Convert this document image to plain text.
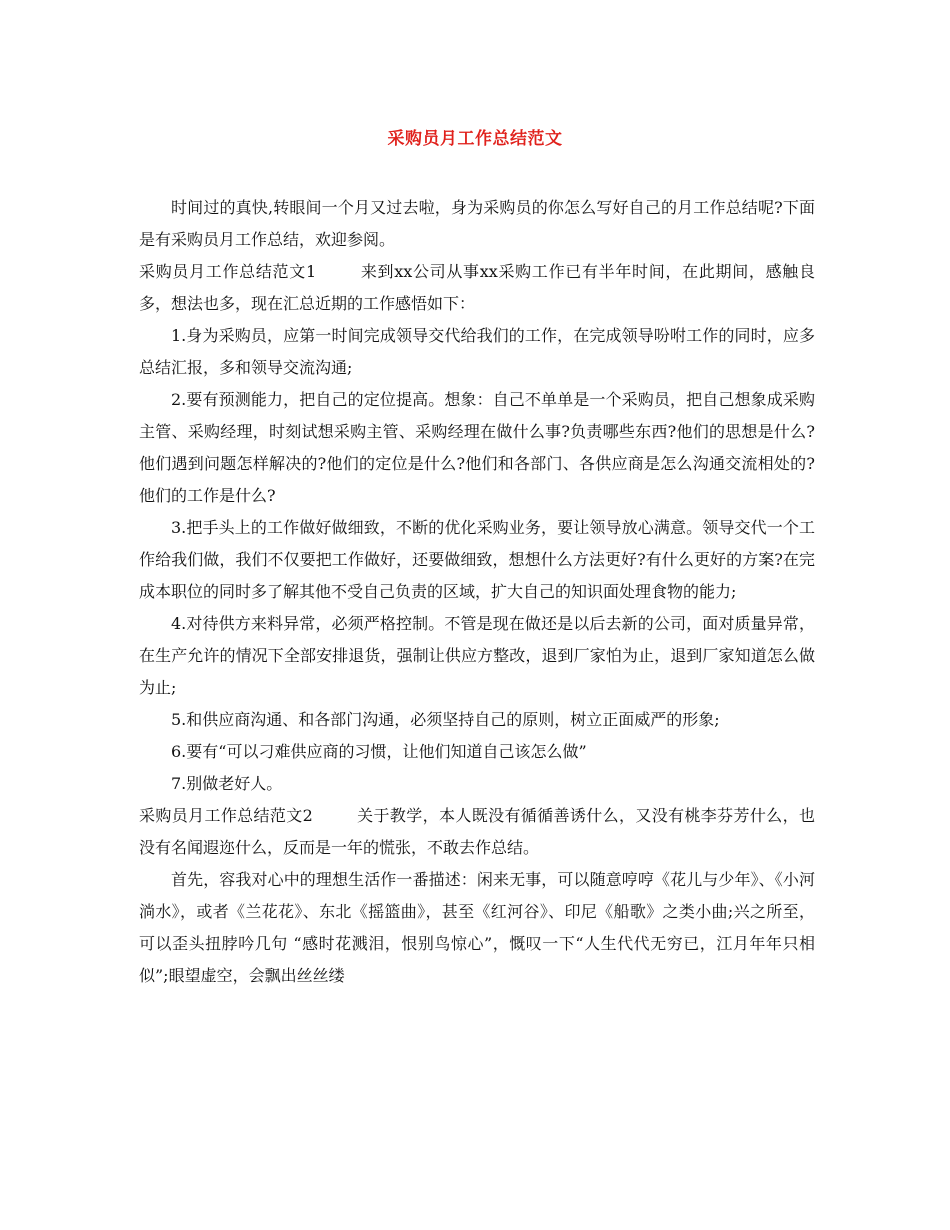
采购员月工作总结范文

时间过的真快,转眼间一个月又过去啦，身为采购员的你怎么写好自己的月工作总结呢?下面是有采购员月工作总结，欢迎参阅。

采购员月工作总结范文1	来到xx公司从事xx采购工作已有半年时间，在此期间，感触良多，想法也多，现在汇总近期的工作感悟如下：

1.身为采购员，应第一时间完成领导交代给我们的工作，在完成领导吩咐工作的同时，应多总结汇报，多和领导交流沟通;

2.要有预测能力，把自己的定位提高。想象：自己不单单是一个采购员，把自己想象成采购主管、采购经理，时刻试想采购主管、采购经理在做什么事?负责哪些东西?他们的思想是什么?他们遇到问题怎样解决的?他们的定位是什么?他们和各部门、各供应商是怎么沟通交流相处的?他们的工作是什么?

3.把手头上的工作做好做细致，不断的优化采购业务，要让领导放心满意。领导交代一个工作给我们做，我们不仅要把工作做好，还要做细致，想想什么方法更好?有什么更好的方案?在完成本职位的同时多了解其他不受自己负责的区域，扩大自己的知识面处理食物的能力;

4.对待供方来料异常，必须严格控制。不管是现在做还是以后去新的公司，面对质量异常，在生产允许的情况下全部安排退货，强制让供应方整改，退到厂家怕为止，退到厂家知道怎么做为止;

5.和供应商沟通、和各部门沟通，必须坚持自己的原则，树立正面威严的形象;

6.要有“可以刁难供应商的习惯，让他们知道自己该怎么做”

7.别做老好人。

采购员月工作总结范文2	关于教学，本人既没有循循善诱什么，又没有桃李芬芳什么，也没有名闻遐迩什么，反而是一年的慌张，不敢去作总结。

首先，容我对心中的理想生活作一番描述：闲来无事，可以随意哼哼《花儿与少年》、《小河淌水》，或者《兰花花》、东北《摇篮曲》，甚至《红河谷》、印尼《船歌》之类小曲;兴之所至，可以歪头扭脖吟几句 “感时花溅泪，恨别鸟惊心”，慨叹一下“人生代代无穷已，江月年年只相似”;眼望虚空，会飘出丝丝缕
